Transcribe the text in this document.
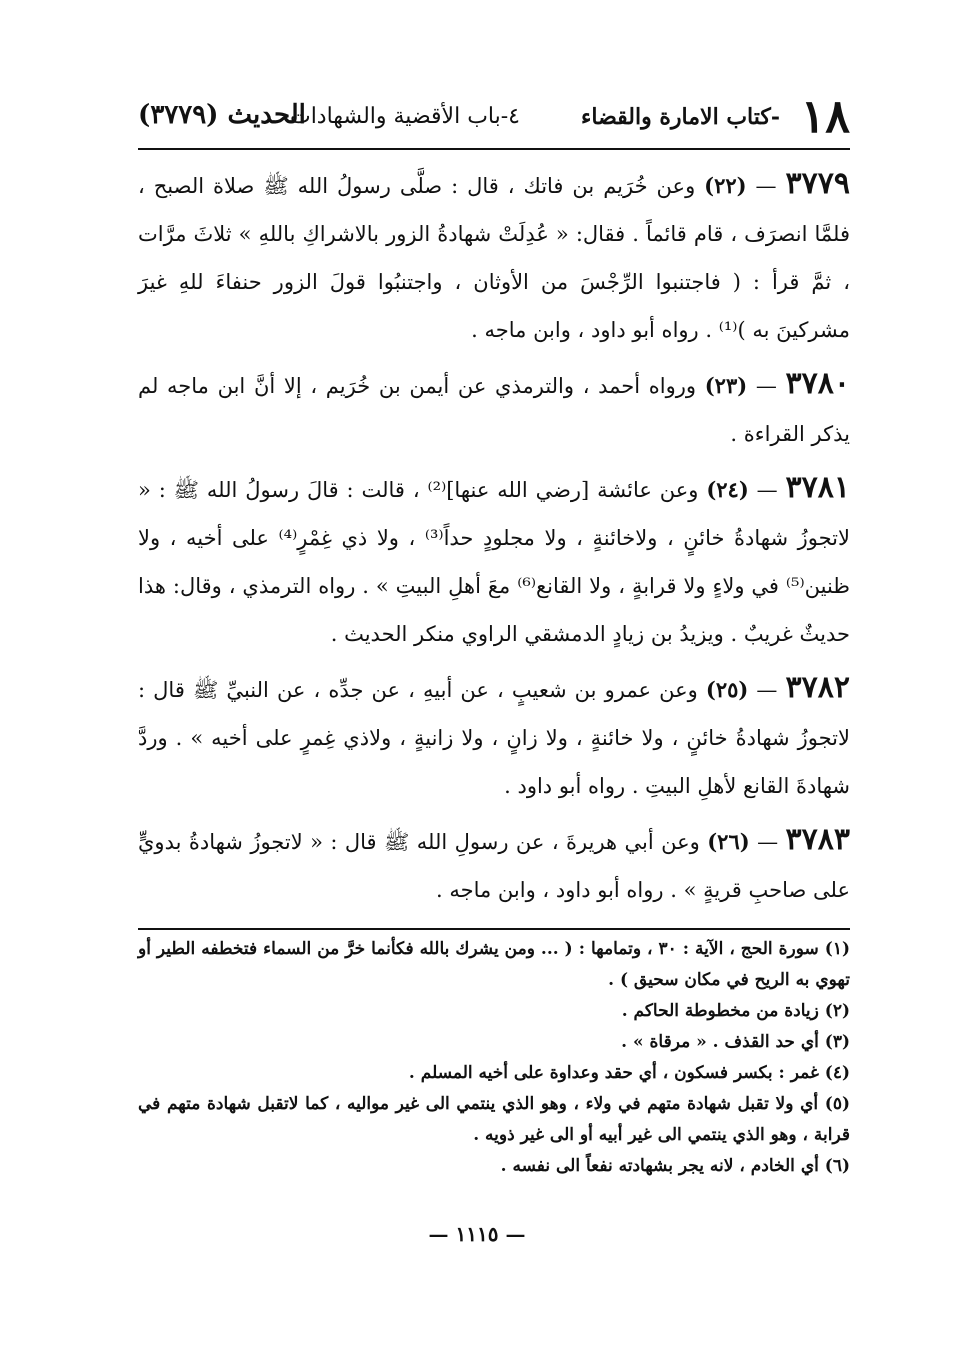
١٨
-كتاب الامارة والقضاء
٤-باب الأقضية والشهادات
الحديث (٣٧٧٩)

٣٧٧٩ — (٢٢) وعن خُرَيم بن فاتك ، قال : صلَّى رسولُ الله ﷺ صلاة الصبح ، فلمَّا انصرَف ، قام قائماً . فقال: « عُدِلَتْ شهادةُ الزور بالاشراكِ باللهِ » ثلاثَ مرَّات ، ثمَّ قرأ : ( فاجتنبوا الرِّجْسَ من الأوثان ، واجتنبُوا قولَ الزور حنفاءَ للهِ غيرَ مشركينَ به )⁽¹⁾ . رواه أبو داود ، وابن ماجه .

٣٧٨٠ — (٢٣) ورواه أحمد ، والترمذي عن أيمن بن خُرَيم ، إلا أنَّ ابن ماجه لم يذكر القراءة .

٣٧٨١ — (٢٤) وعن عائشة [رضي الله عنها]⁽²⁾ ، قالت : قالَ رسولُ الله ﷺ : « لاتجوزُ شهادةُ خائنٍ ، ولاخائنةٍ ، ولا مجلودٍ حداً⁽³⁾ ، ولا ذي غِمْرٍ⁽⁴⁾ على أخيه ، ولا ظنين⁽⁵⁾ في ولاءٍ ولا قرابةٍ ، ولا القانع⁽⁶⁾ معَ أهلِ البيتِ » . رواه الترمذي ، وقال: هذا حديثٌ غريبٌ . ويزيدُ بن زيادٍ الدمشقي الراوي منكر الحديث .

٣٧٨٢ — (٢٥) وعن عمرو بن شعيبٍ ، عن أبيهِ ، عن جدِّه ، عن النبيِّ ﷺ قال : لاتجوزُ شهادةُ خائنٍ ، ولا خائنةٍ ، ولا زانٍ ، ولا زانيةٍ ، ولاذي غِمرٍ على أخيه » . وردَّ شهادةَ القانع لأهلِ البيتِ . رواه أبو داود .

٣٧٨٣ — (٢٦) وعن أبي هريرةَ ، عن رسولِ الله ﷺ قال : « لاتجوزُ شهادةُ بدويٍّ على صاحبِ قريةٍ » . رواه أبو داود ، وابن ماجه .

(١) سورة الحج ، الآية : ٣٠ ، وتمامها : ( ... ومن يشرك بالله فكأنما خرَّ من السماء فتخطفه الطير أو تهوي به الريح في مكان سحيق ) .

(٢) زيادة من مخطوطة الحاكم .

(٣) أي حد القذف . « مرقاة » .

(٤) غمر : بكسر فسكون ، أي حقد وعداوة على أخيه المسلم .

(٥) أي ولا تقبل شهادة متهم في ولاء ، وهو الذي ينتمي الى غير مواليه ، كما لاتقبل شهادة متهم في قرابة ، وهو الذي ينتمي الى غير أبيه أو الى غير ذويه .

(٦) أي الخادم ، لانه يجر بشهادته نفعاً الى نفسه .

— ١١١٥ —
